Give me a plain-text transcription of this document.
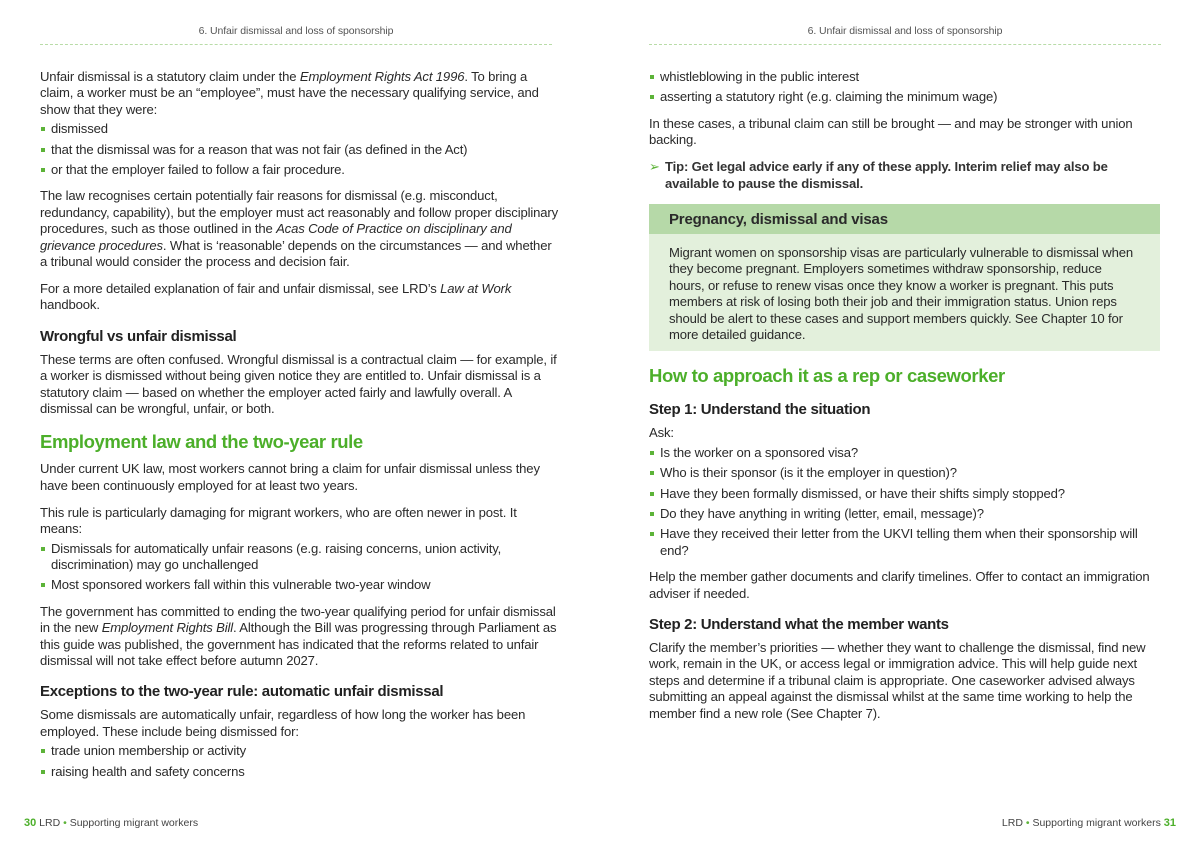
6. Unfair dismissal and loss of sponsorship

Unfair dismissal is a statutory claim under the Employment Rights Act 1996. To bring a claim, a worker must be an “employee”, must have the necessary qualifying service, and show that they were:

dismissed
that the dismissal was for a reason that was not fair (as defined in the Act)
or that the employer failed to follow a fair procedure.

The law recognises certain potentially fair reasons for dismissal (e.g. misconduct, redundancy, capability), but the employer must act reasonably and follow proper disciplinary procedures, such as those outlined in the Acas Code of Practice on disciplinary and grievance procedures. What is ‘reasonable’ depends on the circumstances — and whether a tribunal would consider the process and decision fair.

For a more detailed explanation of fair and unfair dismissal, see LRD’s Law at Work handbook.

Wrongful vs unfair dismissal

These terms are often confused. Wrongful dismissal is a contractual claim — for example, if a worker is dismissed without being given notice they are entitled to. Unfair dismissal is a statutory claim — based on whether the employer acted fairly and lawfully overall. A dismissal can be wrongful, unfair, or both.

Employment law and the two-year rule

Under current UK law, most workers cannot bring a claim for unfair dismissal unless they have been continuously employed for at least two years.

This rule is particularly damaging for migrant workers, who are often newer in post. It means:

Dismissals for automatically unfair reasons (e.g. raising concerns, union activity, discrimination) may go unchallenged
Most sponsored workers fall within this vulnerable two-year window

The government has committed to ending the two-year qualifying period for unfair dismissal in the new Employment Rights Bill. Although the Bill was progressing through Parliament as this guide was published, the government has indicated that the reforms related to unfair dismissal will not take effect before autumn 2027.

Exceptions to the two-year rule: automatic unfair dismissal

Some dismissals are automatically unfair, regardless of how long the worker has been employed. These include being dismissed for:

trade union membership or activity
raising health and safety concerns
30 LRD • Supporting migrant workers
6. Unfair dismissal and loss of sponsorship
whistleblowing in the public interest
asserting a statutory right (e.g. claiming the minimum wage)

In these cases, a tribunal claim can still be brought — and may be stronger with union backing.

➢ Tip: Get legal advice early if any of these apply. Interim relief may also be available to pause the dismissal.
Pregnancy, dismissal and visas
Migrant women on sponsorship visas are particularly vulnerable to dismissal when they become pregnant. Employers sometimes withdraw sponsorship, reduce hours, or refuse to renew visas once they know a worker is pregnant. This puts members at risk of losing both their job and their immigration status. Union reps should be alert to these cases and support members quickly. See Chapter 10 for more detailed guidance.
How to approach it as a rep or caseworker
Step 1: Understand the situation

Ask:

Is the worker on a sponsored visa?
Who is their sponsor (is it the employer in question)?
Have they been formally dismissed, or have their shifts simply stopped?
Do they have anything in writing (letter, email, message)?
Have they received their letter from the UKVI telling them when their sponsorship will end?

Help the member gather documents and clarify timelines. Offer to contact an immigration adviser if needed.

Step 2: Understand what the member wants

Clarify the member’s priorities — whether they want to challenge the dismissal, find new work, remain in the UK, or access legal or immigration advice. This will help guide next steps and determine if a tribunal claim is appropriate. One caseworker advised always submitting an appeal against the dismissal whilst at the same time working to help the member find a new role (See Chapter 7).

LRD • Supporting migrant workers 31
